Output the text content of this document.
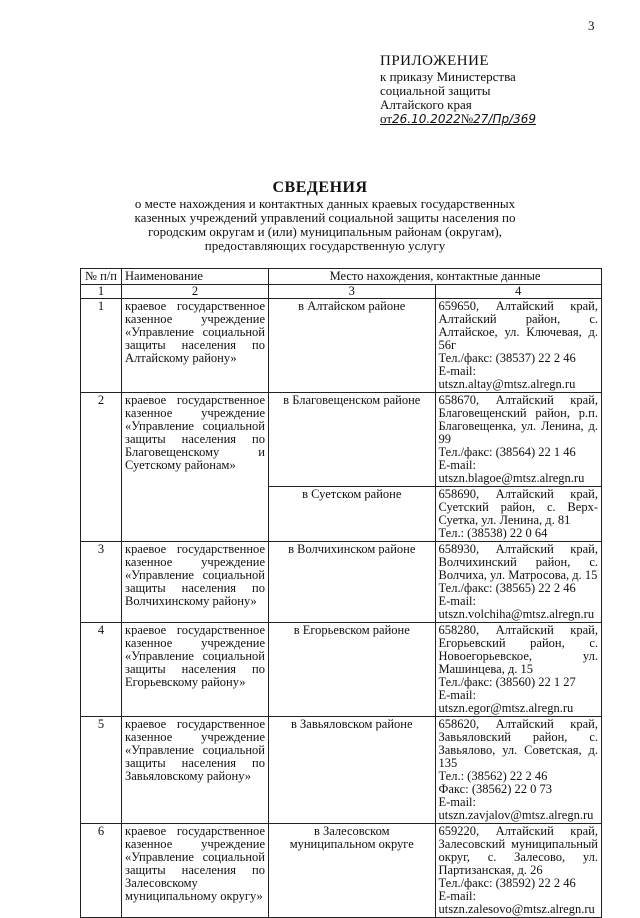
3
ПРИЛОЖЕНИЕ
к приказу Министерства
социальной защиты
Алтайского края
от 26.10.2022 № 27/Пр/369
СВЕДЕНИЯ
о месте нахождения и контактных данных краевых государственных казенных учреждений управлений социальной защиты населения по городским округам и (или) муниципальным районам (округам), предоставляющих государственную услугу
№ п/п	Наименование	Место нахождения, контактные данные	
1	2	3	4
1	краевое государственное казенное учреждение «Управление социальной защиты населения по Алтайскому району»	в Алтайском районе	659650, Алтайский край, Алтайский район, с. Алтайское, ул. Ключевая, д. 56г
Тел./факс: (38537) 22 2 46
E-mail: utszn.altay@mtsz.alregn.ru

2	краевое государственное казенное учреждение «Управление социальной защиты населения по Благовещенскому и Суетскому районам»	в Благовещенском районе	658670, Алтайский край, Благовещенский район, р.п. Благовещенка, ул. Ленина, д. 99
Тел./факс: (38564) 22 1 46
E-mail: utszn.blagoe@mtsz.alregn.ru

		в Суетском районе	658690, Алтайский край, Суетский район, с. Верх-Суетка, ул. Ленина, д. 81
Тел.: (38538) 22 0 64

3	краевое государственное казенное учреждение «Управление социальной защиты населения по Волчихинскому району»	в Волчихинском районе	658930, Алтайский край, Волчихинский район, с. Волчиха, ул. Матросова, д. 15
Тел./факс: (38565) 22 2 46
E-mail: utszn.volchiha@mtsz.alregn.ru

4	краевое государственное казенное учреждение «Управление социальной защиты населения по Егорьевскому району»	в Егорьевском районе	658280, Алтайский край, Егорьевский район, с. Новоегорьевское, ул. Машинцева, д. 15
Тел./факс: (38560) 22 1 27
E-mail: utszn.egor@mtsz.alregn.ru

5	краевое государственное казенное учреждение «Управление социальной защиты населения по Завьяловскому району»	в Завьяловском районе	658620, Алтайский край, Завьяловский район, с. Завьялово, ул. Советская, д. 135
Тел.: (38562) 22 2 46
Факс: (38562) 22 0 73
E-mail: utszn.zavjalov@mtsz.alregn.ru

6	краевое государственное казенное учреждение «Управление социальной защиты населения по Залесовскому муниципальному округу»	в Залесовском муниципальном округе	659220, Алтайский край, Залесовский муниципальный округ, с. Залесово, ул. Партизанская, д. 26
Тел./факс: (38592) 22 2 46
E-mail: utszn.zalesovo@mtsz.alregn.ru
